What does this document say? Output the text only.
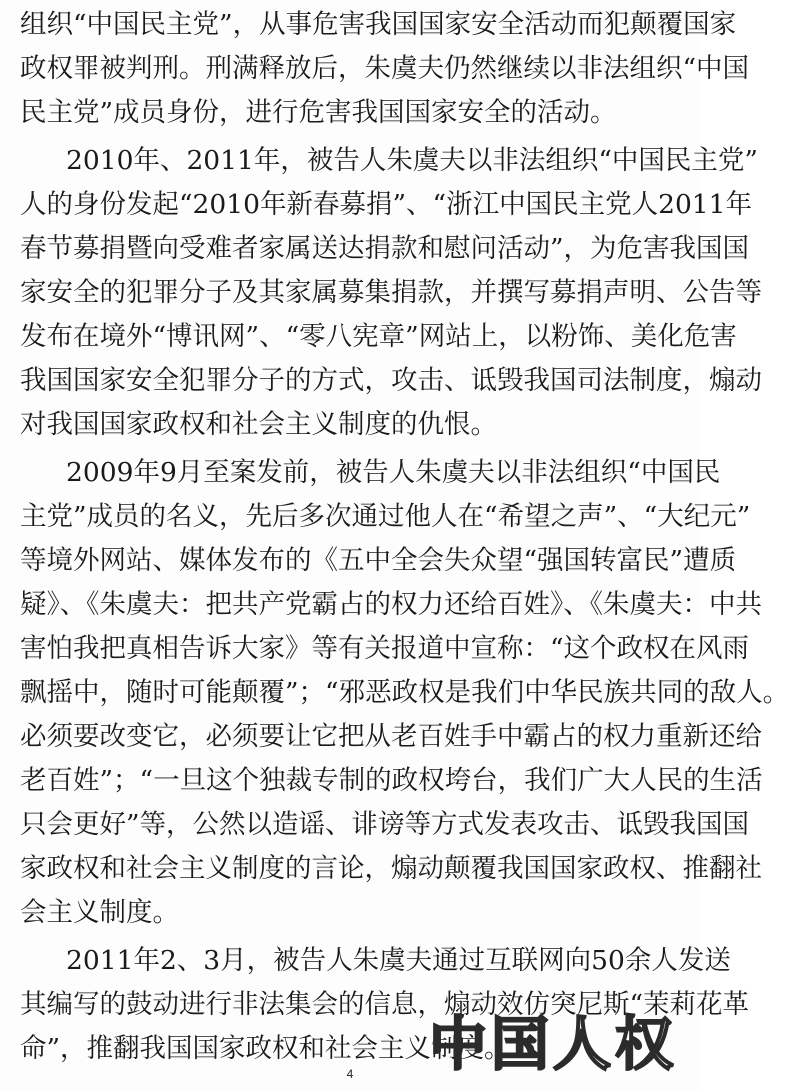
组织“中国民主党”，从事危害我国国家安全活动而犯颠覆国家
政权罪被判刑。刑满释放后，朱虞夫仍然继续以非法组织“中国
民主党”成员身份，进行危害我国国家安全的活动。
2010年、2011年，被告人朱虞夫以非法组织“中国民主党”
人的身份发起“2010年新春募捐”、“浙江中国民主党人2011年
春节募捐暨向受难者家属送达捐款和慰问活动”，为危害我国国
家安全的犯罪分子及其家属募集捐款，并撰写募捐声明、公告等
发布在境外“博讯网”、“零八宪章”网站上，以粉饰、美化危害
我国国家安全犯罪分子的方式，攻击、诋毁我国司法制度，煽动
对我国国家政权和社会主义制度的仇恨。
2009年9月至案发前，被告人朱虞夫以非法组织“中国民
主党”成员的名义，先后多次通过他人在“希望之声”、“大纪元”
等境外网站、媒体发布的《五中全会失众望“强国转富民”遭质
疑》、《朱虞夫：把共产党霸占的权力还给百姓》、《朱虞夫：中共
害怕我把真相告诉大家》等有关报道中宣称：“这个政权在风雨
飘摇中，随时可能颠覆”；“邪恶政权是我们中华民族共同的敌人。
必须要改变它，必须要让它把从老百姓手中霸占的权力重新还给
老百姓”；“一旦这个独裁专制的政权垮台，我们广大人民的生活
只会更好”等，公然以造谣、诽谤等方式发表攻击、诋毁我国国
家政权和社会主义制度的言论，煽动颠覆我国国家政权、推翻社
会主义制度。
2011年2、3月，被告人朱虞夫通过互联网向50余人发送
其编写的鼓动进行非法集会的信息，煽动效仿突尼斯“茉莉花革
命”，推翻我国国家政权和社会主义制度。
中国人权
4
